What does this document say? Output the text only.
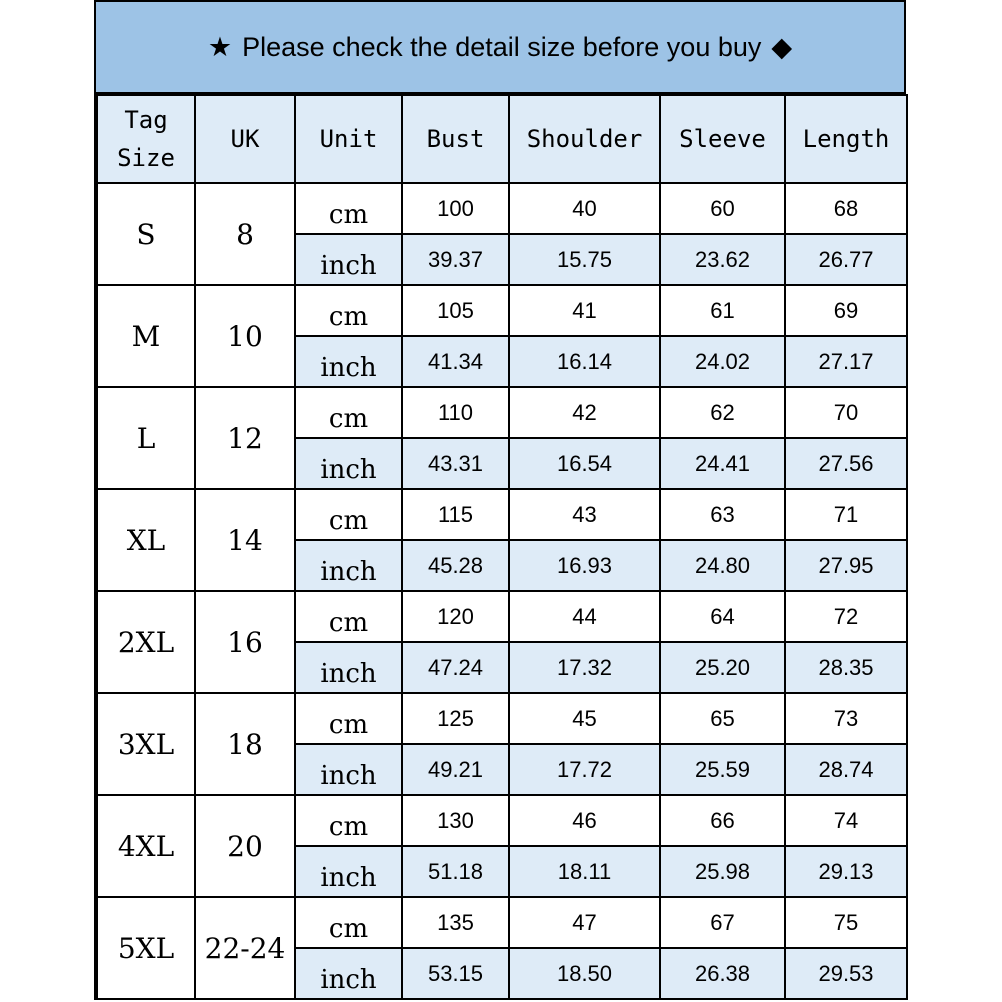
★ Please check the detail size before you buy ◆
Tag Size	UK	Unit	Bust	Shoulder	Sleeve	Length
S	8	cm	100	40	60	68
		inch	39.37	15.75	23.62	26.77
M	10	cm	105	41	61	69
		inch	41.34	16.14	24.02	27.17
L	12	cm	110	42	62	70
		inch	43.31	16.54	24.41	27.56
XL	14	cm	115	43	63	71
		inch	45.28	16.93	24.80	27.95
2XL	16	cm	120	44	64	72
		inch	47.24	17.32	25.20	28.35
3XL	18	cm	125	45	65	73
		inch	49.21	17.72	25.59	28.74
4XL	20	cm	130	46	66	74
		inch	51.18	18.11	25.98	29.13
5XL	22-24	cm	135	47	67	75
		inch	53.15	18.50	26.38	29.53
